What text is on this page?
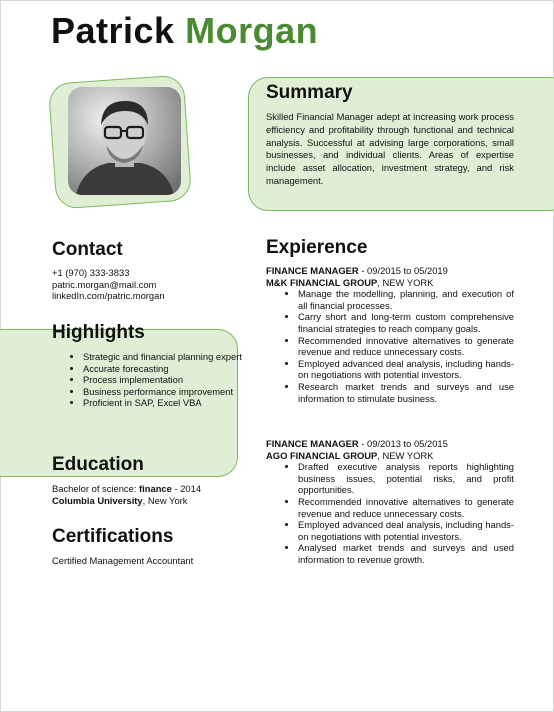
Patrick Morgan
Summary
Skilled Financial Manager adept at increasing work process efficiency and profitability through functional and technical analysis. Successful at advising large corporations, small businesses, and individual clients. Areas of expertise include asset allocation, investment strategy, and risk management.
Contact
+1 (970) 333-3833
patric.morgan@mail.com
linkedIn.com/patric.morgan
Highlights
• Strategic and financial planning expert
• Accurate forecasting
• Process implementation
• Business performance improvement
• Proficient in SAP, Excel VBA
Education
Bachelor of science: finance - 2014
Columbia University, New York
Certifications
Certified Management Accountant
Expierence
FINANCE MANAGER - 09/2015 to 05/2019
M&K FINANCIAL GROUP, NEW YORK
• Manage the modelling, planning, and execution of all financial processes.
• Carry short and long-term custom comprehensive financial strategies to reach company goals.
• Recommended innovative alternatives to generate revenue and reduce unnecessary costs.
• Employed advanced deal analysis, including hands-on negotiations with potential investors.
• Research market trends and surveys and use information to stimulate business.
FINANCE MANAGER - 09/2013 to 05/2015
AGO FINANCIAL GROUP, NEW YORK
• Drafted executive analysis reports highlighting business issues, potential risks, and profit opportunities.
• Recommended innovative alternatives to generate revenue and reduce unnecessary costs.
• Employed advanced deal analysis, including hands-on negotiations with potential investors.
• Analysed market trends and surveys and used information to revenue growth.
